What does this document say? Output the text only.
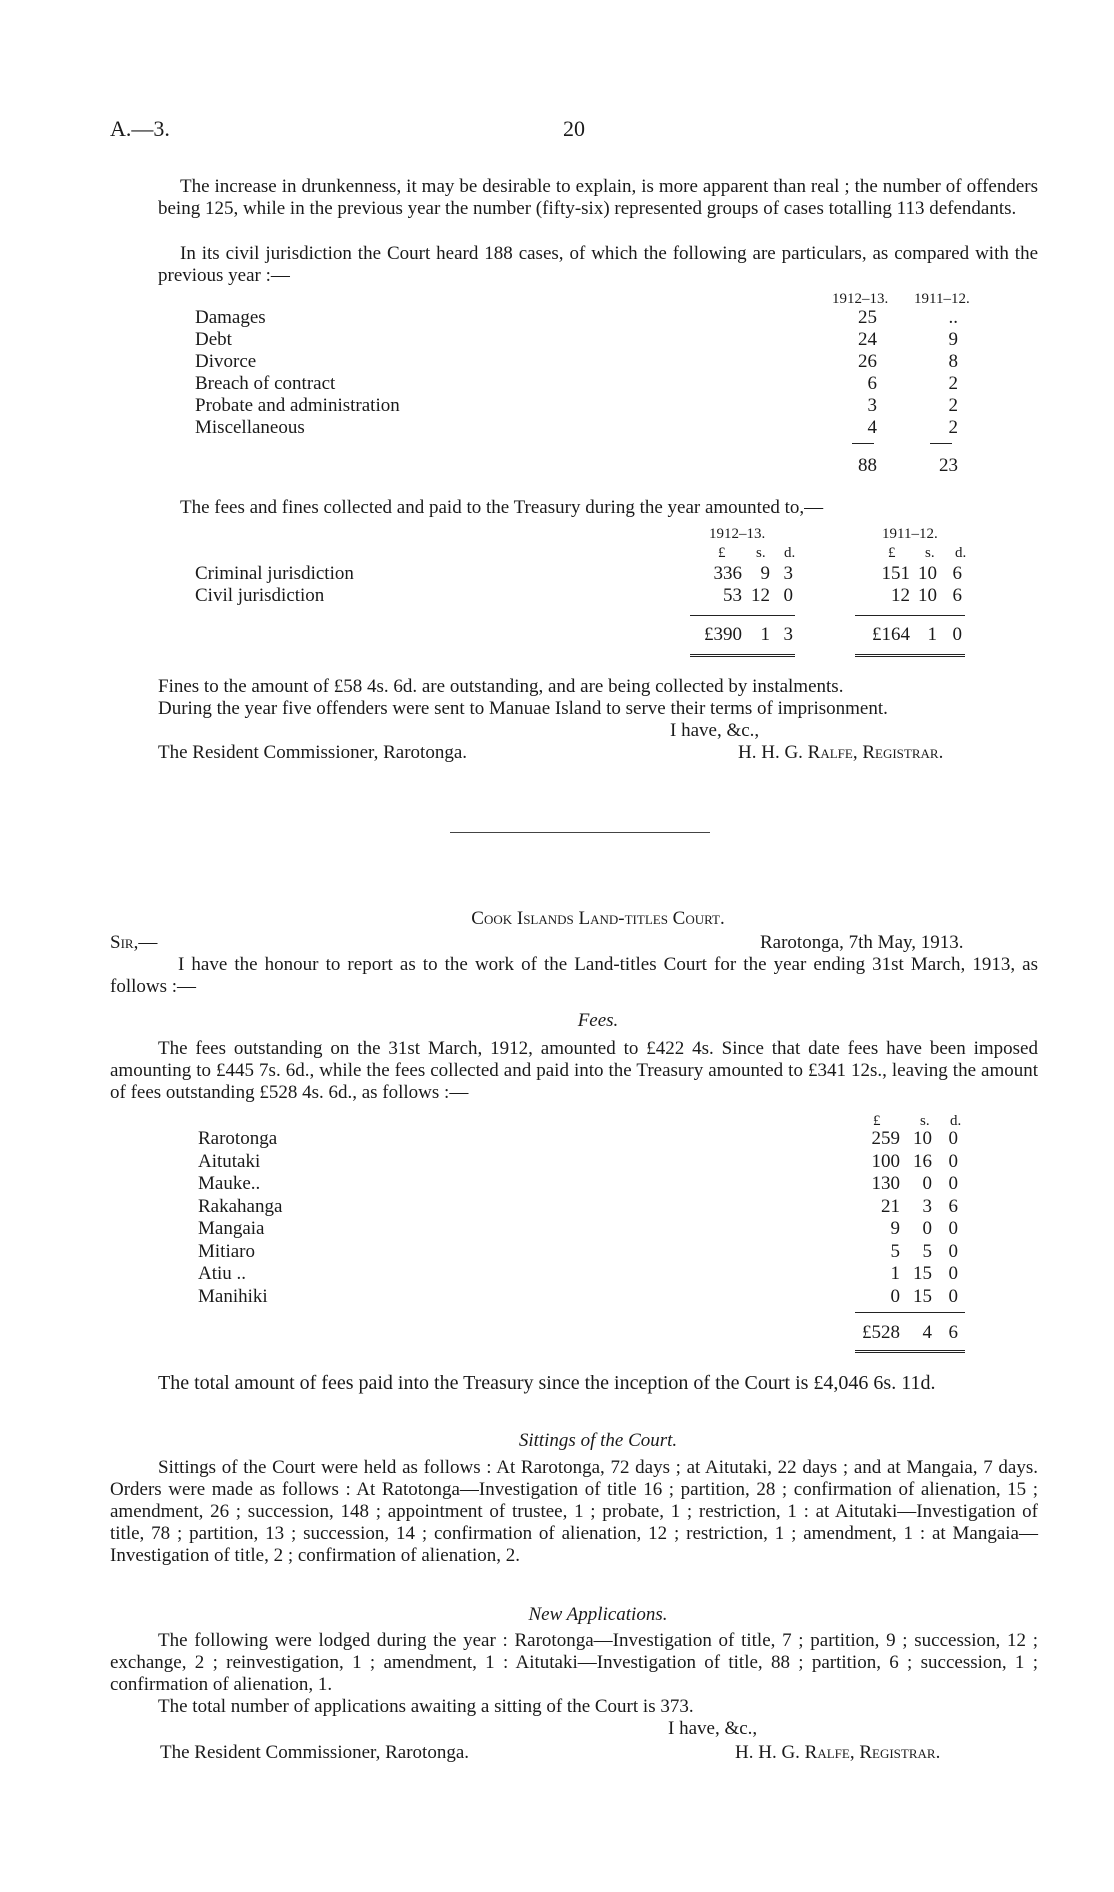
A.—3.	20
The increase in drunkenness, it may be desirable to explain, is more apparent than real ; the number of offenders being 125, while in the previous year the number (fifty-six) represented groups of cases totalling 113 defendants.
In its civil jurisdiction the Court heard 188 cases, of which the following are particulars, as compared with the previous year :—
1912–13. 1911–12.
Damages	25	..
Debt	24	9
Divorce	26	8
Breach of contract	6	2
Probate and administration	3	2
Miscellaneous	4	2
88	23
The fees and fines collected and paid to the Treasury during the year amounted to,—
1912–13.	1911–12.
£ s. d.	£ s. d.
Criminal jurisdiction	336 9 3	151 10 6
Civil jurisdiction	53 12 0	12 10 6
£390 1 3	£164 1 0
Fines to the amount of £58 4s. 6d. are outstanding, and are being collected by instalments.
During the year five offenders were sent to Manuae Island to serve their terms of imprisonment.
I have, &c.,
The Resident Commissioner, Rarotonga.	H. H. G. Ralfe, Registrar.
Cook Islands Land-titles Court.
Sir,—	Rarotonga, 7th May, 1913.
I have the honour to report as to the work of the Land-titles Court for the year ending 31st March, 1913, as follows :—
Fees.
The fees outstanding on the 31st March, 1912, amounted to £422 4s. Since that date fees have been imposed amounting to £445 7s. 6d., while the fees collected and paid into the Treasury amounted to £341 12s., leaving the amount of fees outstanding £528 4s. 6d., as follows :—
£	s. d.
Rarotonga	259 10 0
Aitutaki	100 16 0
Mauke..	130	0 0
Rakahanga	21	3 6
Mangaia	9	0 0
Mitiaro	5	5 0
Atiu ..	1 15 0
Manihiki	0 15 0
£528	4 6
The total amount of fees paid into the Treasury since the inception of the Court is £4,046 6s. 11d.
Sittings of the Court.
Sittings of the Court were held as follows : At Rarotonga, 72 days ; at Aitutaki, 22 days ; and at Mangaia, 7 days. Orders were made as follows : At Ratotonga—Investigation of title 16 ; partition, 28 ; confirmation of alienation, 15 ; amendment, 26 ; succession, 148 ; appointment of trustee, 1 ; probate, 1 ; restriction, 1 : at Aitutaki—Investigation of title, 78 ; partition, 13 ; succession, 14 ; confirmation of alienation, 12 ; restriction, 1 ; amendment, 1 : at Mangaia—Investigation of title, 2 ; confirmation of alienation, 2.
New Applications.
The following were lodged during the year : Rarotonga—Investigation of title, 7 ; partition, 9 ; succession, 12 ; exchange, 2 ; reinvestigation, 1 ; amendment, 1 : Aitutaki—Investigation of title, 88 ; partition, 6 ; succession, 1 ; confirmation of alienation, 1.
The total number of applications awaiting a sitting of the Court is 373.
I have, &c.,
The Resident Commissioner, Rarotonga.	H. H. G. Ralfe, Registrar.
